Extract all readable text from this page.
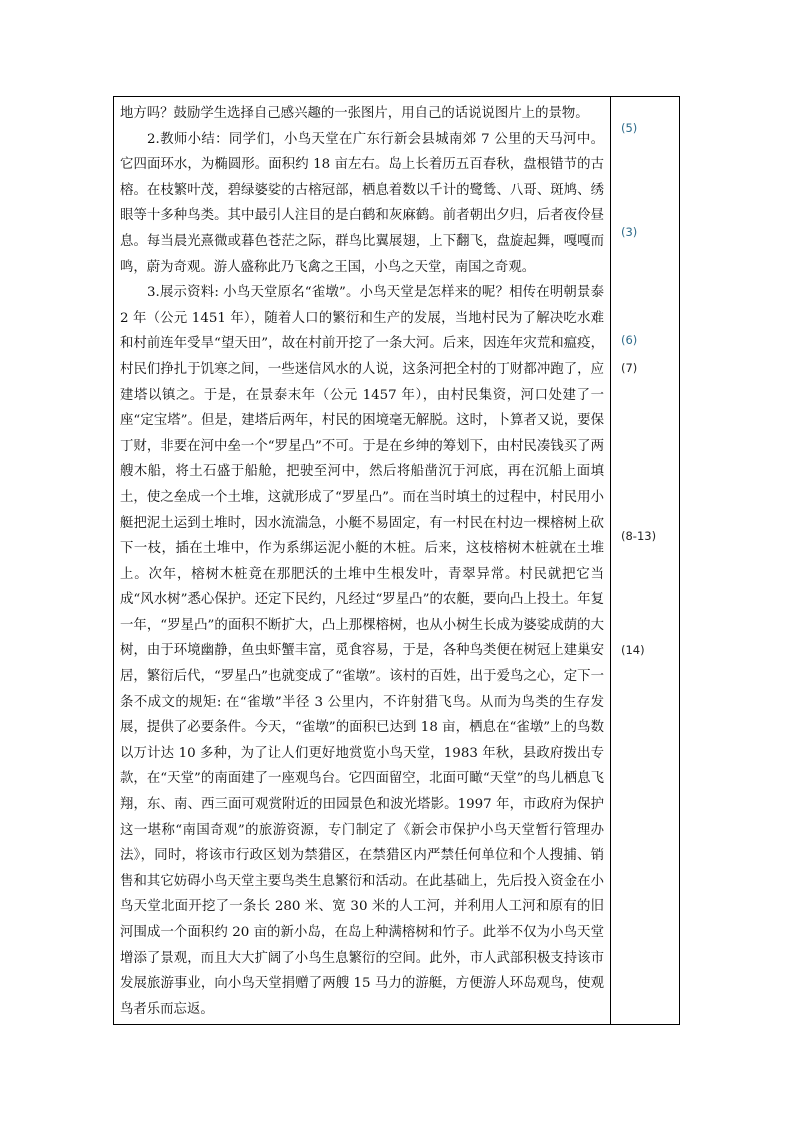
地方吗？鼓励学生选择自己感兴趣的一张图片，用自己的话说说图片上的景物。

2.教师小结：同学们，小鸟天堂在广东行新会县城南郊 7 公里的天马河中。它四面环水，为椭圆形。面积约 18 亩左右。岛上长着历五百春秋，盘根错节的古榕。在枝繁叶茂，碧绿婆娑的古榕冠部，栖息着数以千计的鹭鸶、八哥、斑鸠、绣眼等十多种鸟类。其中最引人注目的是白鹤和灰麻鹤。前者朝出夕归，后者夜伶昼息。每当晨光熹微或暮色苍茫之际，群鸟比翼展翅，上下翻飞，盘旋起舞，嘎嘎而鸣，蔚为奇观。游人盛称此乃飞禽之王国，小鸟之天堂，南国之奇观。

3.展示资料: 小鸟天堂原名“雀墩”。小鸟天堂是怎样来的呢？相传在明朝景泰 2 年（公元 1451 年），随着人口的繁衍和生产的发展，当地村民为了解决吃水难和村前连年受旱“望天田”，故在村前开挖了一条大河。后来，因连年灾荒和瘟疫，村民们挣扎于饥寒之间，一些迷信风水的人说，这条河把全村的丁财都冲跑了，应建塔以镇之。于是，在景泰末年（公元 1457 年），由村民集资，河口处建了一座“定宝塔”。但是，建塔后两年，村民的困境毫无解脱。这时，卜算者又说，要保丁财，非要在河中垒一个“罗星凸”不可。于是在乡绅的筹划下，由村民凑钱买了两艘木船，将土石盛于船舱，把驶至河中，然后将船凿沉于河底，再在沉船上面填土，使之垒成一个土堆，这就形成了“罗星凸”。而在当时填土的过程中，村民用小艇把泥土运到土堆时，因水流湍急，小艇不易固定，有一村民在村边一棵榕树上砍下一枝，插在土堆中，作为系绑运泥小艇的木桩。后来，这枝榕树木桩就在土堆上。次年，榕树木桩竟在那肥沃的土堆中生根发叶，青翠异常。村民就把它当成“风水树”悉心保护。还定下民约，凡经过“罗星凸”的农艇，要向凸上投土。年复一年，“罗星凸”的面积不断扩大，凸上那棵榕树，也从小树生长成为婆娑成荫的大树，由于环境幽静，鱼虫虾蟹丰富，觅食容易，于是，各种鸟类便在树冠上建巢安居，繁衍后代，“罗星凸”也就变成了“雀墩”。该村的百姓，出于爱鸟之心，定下一条不成文的规矩: 在“雀墩”半径 3 公里内，不许射猎飞鸟。从而为鸟类的生存发展，提供了必要条件。今天，“雀墩”的面积已达到 18 亩，栖息在“雀墩”上的鸟数以万计达 10 多种，为了让人们更好地赏览小鸟天堂，1983 年秋，县政府拨出专款，在“天堂”的南面建了一座观鸟台。它四面留空，北面可瞰“天堂”的鸟儿栖息飞翔，东、南、西三面可观赏附近的田园景色和波光塔影。1997 年，市政府为保护这一堪称“南国奇观”的旅游资源，专门制定了《新会市保护小鸟天堂暂行管理办法》，同时，将该市行政区划为禁猎区，在禁猎区内严禁任何单位和个人搜捕、销售和其它妨碍小鸟天堂主要鸟类生息繁衍和活动。在此基础上，先后投入资金在小鸟天堂北面开挖了一条长 280 米、宽 30 米的人工河，并利用人工河和原有的旧河围成一个面积约 20 亩的新小岛，在岛上种满榕树和竹子。此举不仅为小鸟天堂增添了景观，而且大大扩阔了小鸟生息繁衍的空间。此外，市人武部积极支持该市发展旅游事业，向小鸟天堂捐赠了两艘 15 马力的游艇，方便游人环岛观鸟，使观鸟者乐而忘返。

(5)
(3)
(6)
(7)
(8-13)
(14)
